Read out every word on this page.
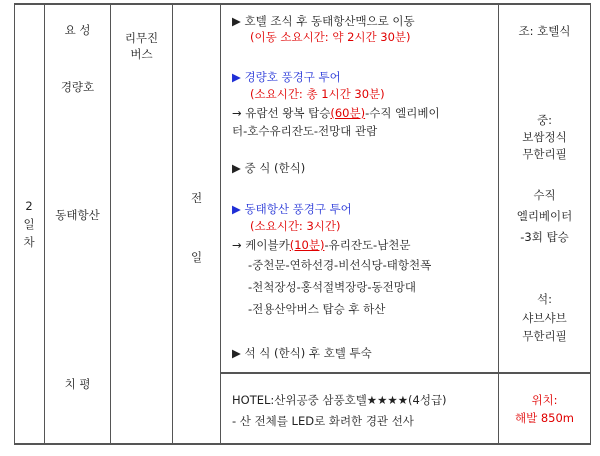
2
일
차
요 성
경량호
동태항산
치 평
리무진
버스
전
일
▶ 호텔 조식 후 동태항산맥으로 이동
(이동 소요시간: 약 2시간 30분)
▶ 경량호 풍경구 투어
(소요시간: 총 1시간 30분)
→ 유람선 왕복 탑승(60분)-수직 엘리베이
터-호수유리잔도-전망대 관람
▶ 중 식 (한식)
▶ 동태항산 풍경구 투어
(소요시간: 3시간)
→ 케이블카(10분)-유리잔도-남천문
-중천문-연하선경-비선식당-태항천폭
-천척장성-홍석절벽장랑-동전망대
-전용산악버스 탑승 후 하산
▶ 석 식 (한식) 후 호텔 투숙
HOTEL:산위공중 삼풍호텔★★★★(4성급)
- 산 전체를 LED로 화려한 경관 선사
조: 호텔식
중:
보쌈정식
무한리필
수직
엘리베이터
-3회 탑승
석:
샤브샤브
무한리필
위치:
해발 850m
